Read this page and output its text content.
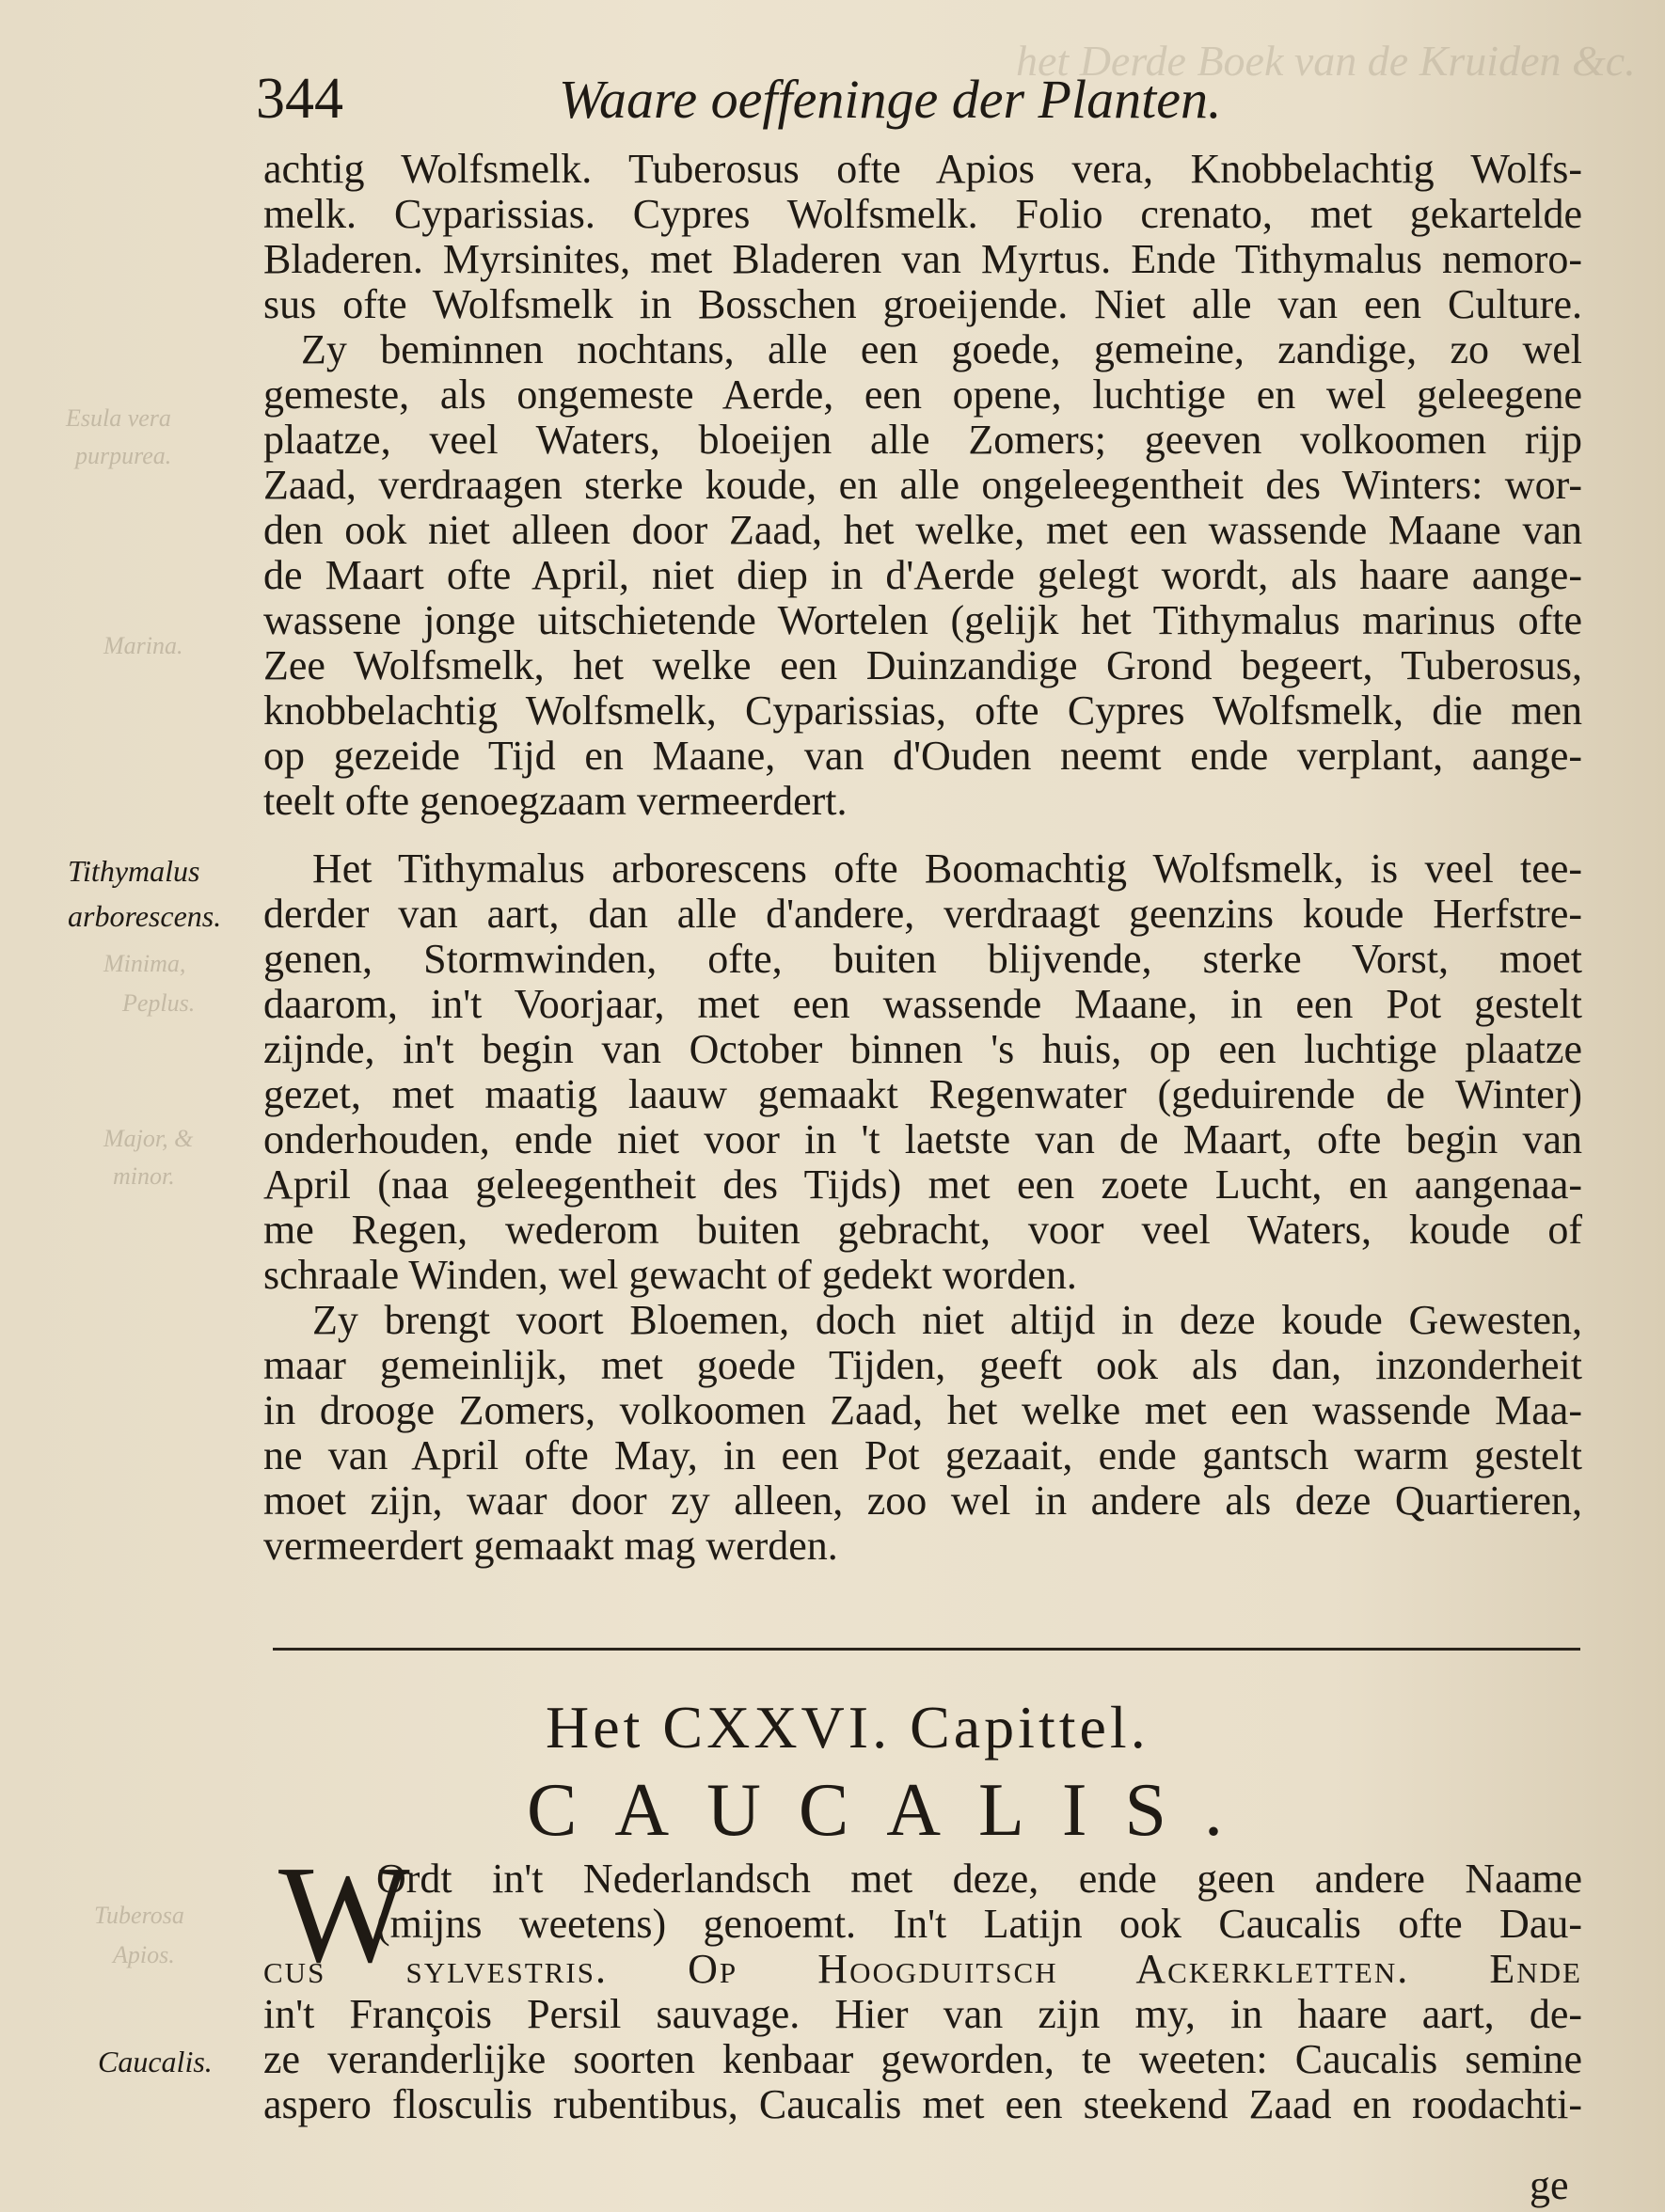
het Derde Boek van de Kruiden &c.
Esula vera
purpurea.
Marina.
Minima,
Peplus.
Major, &
minor.
Tuberosa
Apios.
344	Waare oeffeninge der Planten.
achtig Wolfsmelk. Tuberosus ofte Apios vera, Knobbelachtig Wolfs-
melk. Cyparissias. Cypres Wolfsmelk. Folio crenato, met gekartelde
Bladeren. Myrsinites, met Bladeren van Myrtus. Ende Tithymalus nemoro-
sus ofte Wolfsmelk in Bosschen groeijende. Niet alle van een Culture.
Zy beminnen nochtans, alle een goede, gemeine, zandige, zo wel
gemeste, als ongemeste Aerde, een opene, luchtige en wel geleegene
plaatze, veel Waters, bloeijen alle Zomers; geeven volkoomen rijp
Zaad, verdraagen sterke koude, en alle ongeleegentheit des Winters: wor-
den ook niet alleen door Zaad, het welke, met een wassende Maane van
de Maart ofte April, niet diep in d'Aerde gelegt wordt, als haare aange-
wassene jonge uitschietende Wortelen (gelijk het Tithymalus marinus ofte
Zee Wolfsmelk, het welke een Duinzandige Grond begeert, Tuberosus,
knobbelachtig Wolfsmelk, Cyparissias, ofte Cypres Wolfsmelk, die men
op gezeide Tijd en Maane, van d'Ouden neemt ende verplant, aange-
teelt ofte genoegzaam vermeerdert.
Tithymalus
arborescens.
Het Tithymalus arborescens ofte Boomachtig Wolfsmelk, is veel tee-
derder van aart, dan alle d'andere, verdraagt geenzins koude Herfstre-
genen, Stormwinden, ofte, buiten blijvende, sterke Vorst, moet
daarom, in't Voorjaar, met een wassende Maane, in een Pot gestelt
zijnde, in't begin van October binnen 's huis, op een luchtige plaatze
gezet, met maatig laauw gemaakt Regenwater (geduirende de Winter)
onderhouden, ende niet voor in 't laetste van de Maart, ofte begin van
April (naa geleegentheit des Tijds) met een zoete Lucht, en aangenaa-
me Regen, wederom buiten gebracht, voor veel Waters, koude of
schraale Winden, wel gewacht of gedekt worden.
Zy brengt voort Bloemen, doch niet altijd in deze koude Gewesten,
maar gemeinlijk, met goede Tijden, geeft ook als dan, inzonderheit
in drooge Zomers, volkoomen Zaad, het welke met een wassende Maa-
ne van April ofte May, in een Pot gezaait, ende gantsch warm gestelt
moet zijn, waar door zy alleen, zoo wel in andere als deze Quartieren,
vermeerdert gemaakt mag werden.
Het CXXVI. Capittel.
CAUCALIS.
W
Caucalis.
Ordt in't Nederlandsch met deze, ende geen andere Naame
(mijns weetens) genoemt. In't Latijn ook Caucalis ofte Dau-
cus sylvestris. Op Hoogduitsch Ackerkletten. Ende
in't François Persil sauvage. Hier van zijn my, in haare aart, de-
ze veranderlijke soorten kenbaar geworden, te weeten: Caucalis semine
aspero flosculis rubentibus, Caucalis met een steekend Zaad en roodachti-
ge
